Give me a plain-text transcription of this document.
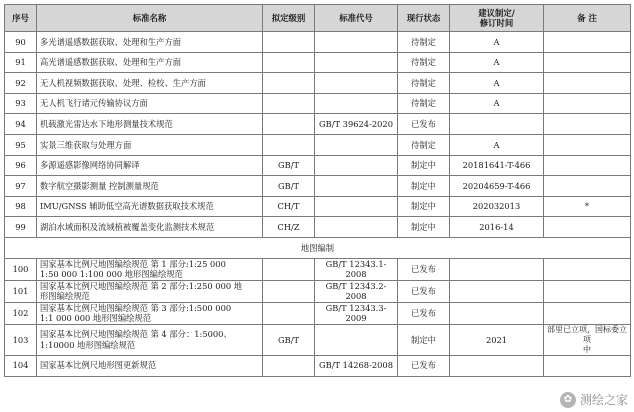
序号	标准名称	拟定级别	标准代号	现行状态	建议制定/
修订时间	备 注
90	多光谱遥感数据获取、处理和生产方面			待制定	A	
91	高光谱遥感数据获取、处理和生产方面			待制定	A	
92	无人机视频数据获取、处理、检校、生产方面			待制定	A	
93	无人机飞行诸元传输协议方面			待制定	A	
94	机载激光雷达水下地形测量技术规范		GB/T 39624-2020	已发布		
95	实景三维获取与处理方面			待制定	A	
96	多源遥感影像网络协同解译	GB/T		制定中	20181641-T-466	
97	数字航空摄影测量 控制测量规范	GB/T		制定中	20204659-T-466	
98	IMU/GNSS 辅助低空高光谱数据获取技术规范	CH/T		制定中	202032013	*
99	湖泊水域面积及流域植被覆盖变化监测技术规范	CH/Z		制定中	2016-14	
地图编制						
100	国家基本比例尺地图编绘规范 第 1 部分:1:25 000
1:50 000 1:100 000 地形图编绘规范		GB/T 12343.1-2008	已发布		
101	国家基本比例尺地图编绘规范 第 2 部分:1:250 000 地
形图编绘规范		GB/T 12343.2-2008	已发布		
102	国家基本比例尺地图编绘规范 第 3 部分:1:500 000
1:1 000 000 地形图编绘规范		GB/T 12343.3-2009	已发布		
103	国家基本比例尺地图编绘规范 第 4 部分：1:5000、
1:10000 地形图编绘规范	GB/T		制定中	2021	部里已立项，国标委立项
中
104	国家基本比例尺地形图更新规范		GB/T 14268-2008	已发布		
✿ 测绘之家
